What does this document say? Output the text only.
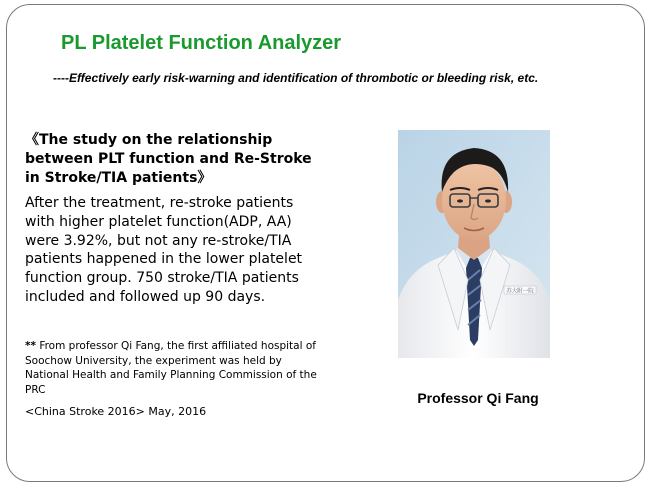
PL Platelet Function Analyzer
----Effectively early risk-warning and identification of thrombotic or bleeding risk, etc.
《The study on the relationship between PLT function and Re-Stroke in Stroke/TIA patients》
After the treatment, re-stroke patients with higher platelet function(ADP, AA) were 3.92%, but not any re-stroke/TIA patients happened in the lower platelet function group. 750 stroke/TIA patients included and followed up 90 days.
** From professor Qi Fang, the first affiliated hospital of Soochow University, the experiment was held by National Health and Family Planning Commission of the PRC
<China Stroke 2016> May, 2016
苏大附一院
Professor Qi Fang
